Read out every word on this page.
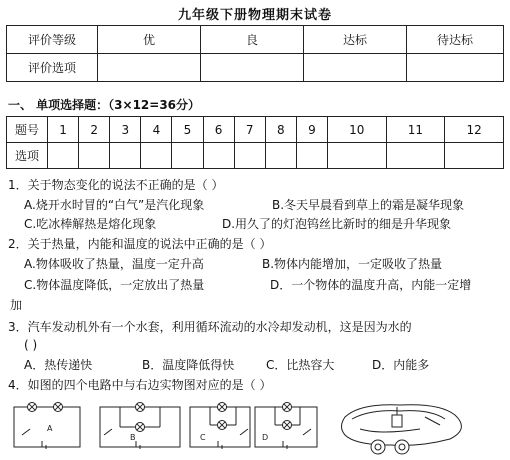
九年级下册物理期末试卷
评价等级	优	良	达标	待达标
评价选项				
一、 单项选择题：（3×12=36分）
题号	1	2	3	4	5	6	7	8	9	10	11	12
选项												
1．关于物态变化的说法不正确的是（ ）
A.烧开水时冒的“白气”是汽化现象	B.冬天早晨看到草上的霜是凝华现象
C.吃冰棒解热是熔化现象	D.用久了的灯泡钨丝比新时的细是升华现象
2．关于热量，内能和温度的说法中正确的是（ ）
A.物体吸收了热量，温度一定升高	B.物体内能增加，一定吸收了热量
C.物体温度降低，一定放出了热量	D．一个物体的温度升高，内能一定增
加
3．汽车发动机外有一个水套，利用循环流动的水冷却发动机，这是因为水的
( )
A．热传递快	B．温度降低得快	C．比热容大	D．内能多
4．如图的四个电路中与右边实物图对应的是（ ）
A
B	C	D
